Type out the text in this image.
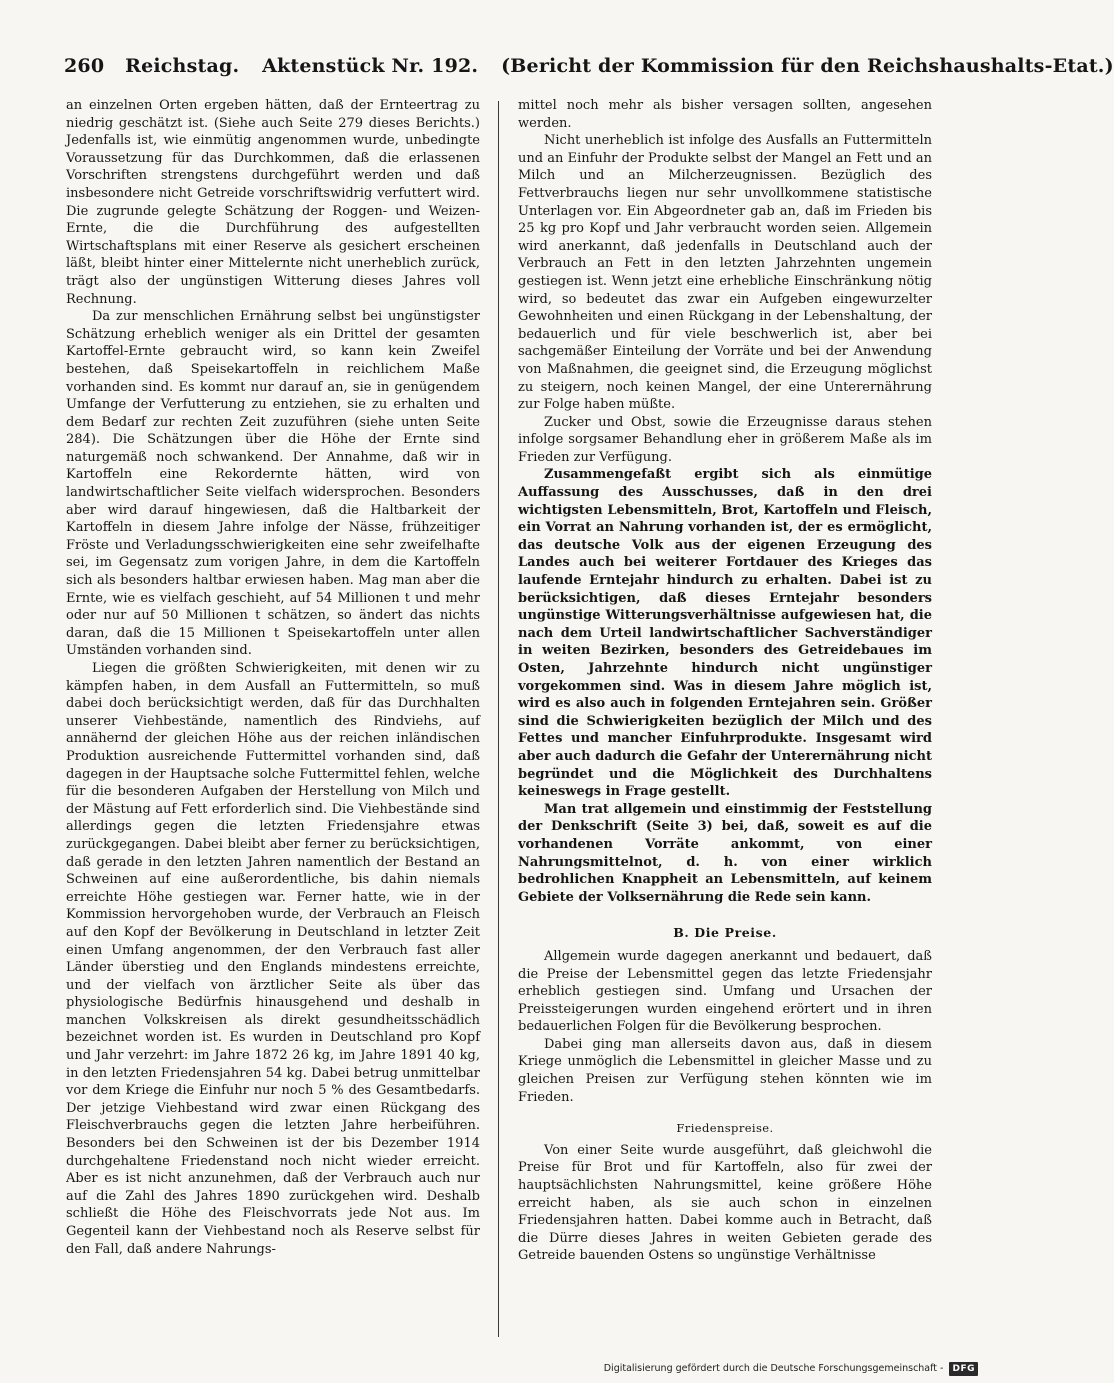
260 Reichstag. Aktenstück Nr. 192. (Bericht der Kommission für den Reichshaushalts-Etat.)

an einzelnen Orten ergeben hätten, daß der Ernteertrag zu niedrig geschätzt ist. (Siehe auch Seite 279 dieses Berichts.) Jedenfalls ist, wie einmütig angenommen wurde, unbedingte Voraussetzung für das Durchkommen, daß die erlassenen Vorschriften strengstens durchgeführt werden und daß insbesondere nicht Getreide vorschriftswidrig verfuttert wird. Die zugrunde gelegte Schätzung der Roggen- und Weizen-Ernte, die die Durchführung des aufgestellten Wirtschaftsplans mit einer Reserve als gesichert erscheinen läßt, bleibt hinter einer Mittelernte nicht unerheblich zurück, trägt also der ungünstigen Witterung dieses Jahres voll Rechnung.

Da zur menschlichen Ernährung selbst bei ungünstigster Schätzung erheblich weniger als ein Drittel der gesamten Kartoffel-Ernte gebraucht wird, so kann kein Zweifel bestehen, daß Speisekartoffeln in reichlichem Maße vorhanden sind. Es kommt nur darauf an, sie in genügendem Umfange der Verfutterung zu entziehen, sie zu erhalten und dem Bedarf zur rechten Zeit zuzuführen (siehe unten Seite 284). Die Schätzungen über die Höhe der Ernte sind naturgemäß noch schwankend. Der Annahme, daß wir in Kartoffeln eine Rekordernte hätten, wird von landwirtschaftlicher Seite vielfach widersprochen. Besonders aber wird darauf hingewiesen, daß die Haltbarkeit der Kartoffeln in diesem Jahre infolge der Nässe, frühzeitiger Fröste und Verladungsschwierigkeiten eine sehr zweifelhafte sei, im Gegensatz zum vorigen Jahre, in dem die Kartoffeln sich als besonders haltbar erwiesen haben. Mag man aber die Ernte, wie es vielfach geschieht, auf 54 Millionen t und mehr oder nur auf 50 Millionen t schätzen, so ändert das nichts daran, daß die 15 Millionen t Speisekartoffeln unter allen Umständen vorhanden sind.

Liegen die größten Schwierigkeiten, mit denen wir zu kämpfen haben, in dem Ausfall an Futtermitteln, so muß dabei doch berücksichtigt werden, daß für das Durchhalten unserer Viehbestände, namentlich des Rindviehs, auf annähernd der gleichen Höhe aus der reichen inländischen Produktion ausreichende Futtermittel vorhanden sind, daß dagegen in der Hauptsache solche Futtermittel fehlen, welche für die besonderen Aufgaben der Herstellung von Milch und der Mästung auf Fett erforderlich sind. Die Viehbestände sind allerdings gegen die letzten Friedensjahre etwas zurückgegangen. Dabei bleibt aber ferner zu berücksichtigen, daß gerade in den letzten Jahren namentlich der Bestand an Schweinen auf eine außerordentliche, bis dahin niemals erreichte Höhe gestiegen war. Ferner hatte, wie in der Kommission hervorgehoben wurde, der Verbrauch an Fleisch auf den Kopf der Bevölkerung in Deutschland in letzter Zeit einen Umfang angenommen, der den Verbrauch fast aller Länder überstieg und den Englands mindestens erreichte, und der vielfach von ärztlicher Seite als über das physiologische Bedürfnis hinausgehend und deshalb in manchen Volkskreisen als direkt gesundheitsschädlich bezeichnet worden ist. Es wurden in Deutschland pro Kopf und Jahr verzehrt: im Jahre 1872 26 kg, im Jahre 1891 40 kg, in den letzten Friedensjahren 54 kg. Dabei betrug unmittelbar vor dem Kriege die Einfuhr nur noch 5 % des Gesamtbedarfs. Der jetzige Viehbestand wird zwar einen Rückgang des Fleischverbrauchs gegen die letzten Jahre herbeiführen. Besonders bei den Schweinen ist der bis Dezember 1914 durchgehaltene Friedenstand noch nicht wieder erreicht. Aber es ist nicht anzunehmen, daß der Verbrauch auch nur auf die Zahl des Jahres 1890 zurückgehen wird. Deshalb schließt die Höhe des Fleischvorrats jede Not aus. Im Gegenteil kann der Viehbestand noch als Reserve selbst für den Fall, daß andere Nahrungs-

mittel noch mehr als bisher versagen sollten, angesehen werden.

Nicht unerheblich ist infolge des Ausfalls an Futtermitteln und an Einfuhr der Produkte selbst der Mangel an Fett und an Milch und an Milcherzeugnissen. Bezüglich des Fettverbrauchs liegen nur sehr unvollkommene statistische Unterlagen vor. Ein Abgeordneter gab an, daß im Frieden bis 25 kg pro Kopf und Jahr verbraucht worden seien. Allgemein wird anerkannt, daß jedenfalls in Deutschland auch der Verbrauch an Fett in den letzten Jahrzehnten ungemein gestiegen ist. Wenn jetzt eine erhebliche Einschränkung nötig wird, so bedeutet das zwar ein Aufgeben eingewurzelter Gewohnheiten und einen Rückgang in der Lebenshaltung, der bedauerlich und für viele beschwerlich ist, aber bei sachgemäßer Einteilung der Vorräte und bei der Anwendung von Maßnahmen, die geeignet sind, die Erzeugung möglichst zu steigern, noch keinen Mangel, der eine Unterernährung zur Folge haben müßte.

Zucker und Obst, sowie die Erzeugnisse daraus stehen infolge sorgsamer Behandlung eher in größerem Maße als im Frieden zur Verfügung.

Zusammengefaßt ergibt sich als einmütige Auffassung des Ausschusses, daß in den drei wichtigsten Lebensmitteln, Brot, Kartoffeln und Fleisch, ein Vorrat an Nahrung vorhanden ist, der es ermöglicht, das deutsche Volk aus der eigenen Erzeugung des Landes auch bei weiterer Fortdauer des Krieges das laufende Erntejahr hindurch zu erhalten. Dabei ist zu berücksichtigen, daß dieses Erntejahr besonders ungünstige Witterungsverhältnisse aufgewiesen hat, die nach dem Urteil landwirtschaftlicher Sachverständiger in weiten Bezirken, besonders des Getreidebaues im Osten, Jahrzehnte hindurch nicht ungünstiger vorgekommen sind. Was in diesem Jahre möglich ist, wird es also auch in folgenden Erntejahren sein. Größer sind die Schwierigkeiten bezüglich der Milch und des Fettes und mancher Einfuhrprodukte. Insgesamt wird aber auch dadurch die Gefahr der Unterernährung nicht begründet und die Möglichkeit des Durchhaltens keineswegs in Frage gestellt.

Man trat allgemein und einstimmig der Feststellung der Denkschrift (Seite 3) bei, daß, soweit es auf die vorhandenen Vorräte ankommt, von einer Nahrungsmittelnot, d. h. von einer wirklich bedrohlichen Knappheit an Lebensmitteln, auf keinem Gebiete der Volksernährung die Rede sein kann.

B. Die Preise.

Allgemein wurde dagegen anerkannt und bedauert, daß die Preise der Lebensmittel gegen das letzte Friedensjahr erheblich gestiegen sind. Umfang und Ursachen der Preissteigerungen wurden eingehend erörtert und in ihren bedauerlichen Folgen für die Bevölkerung besprochen.

Dabei ging man allerseits davon aus, daß in diesem Kriege unmöglich die Lebensmittel in gleicher Masse und zu gleichen Preisen zur Verfügung stehen könnten wie im Frieden.

Friedenspreise.

Von einer Seite wurde ausgeführt, daß gleichwohl die Preise für Brot und für Kartoffeln, also für zwei der hauptsächlichsten Nahrungsmittel, keine größere Höhe erreicht haben, als sie auch schon in einzelnen Friedensjahren hatten. Dabei komme auch in Betracht, daß die Dürre dieses Jahres in weiten Gebieten gerade des Getreide bauenden Ostens so ungünstige Verhältnisse

Digitalisierung gefördert durch die Deutsche Forschungsgemeinschaft -	DFG
